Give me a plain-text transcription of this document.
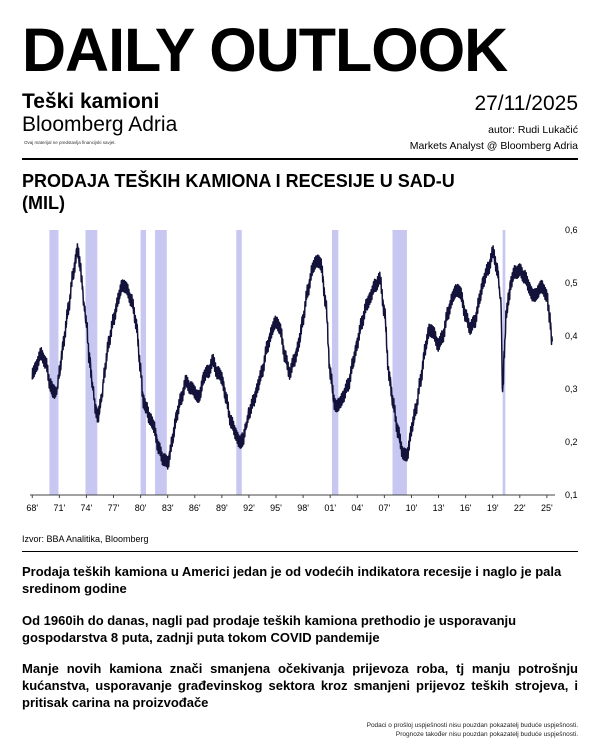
DAILY OUTLOOK
Teški kamioni
Bloomberg Adria
Ovaj materijal ne predstavlja financijski savjet.
27/11/2025
autor: Rudi Lukačić
Markets Analyst @ Bloomberg Adria
PRODAJA TEŠKIH KAMIONA I RECESIJE U SAD-U (MIL)
0,1
0,2
0,3
0,4
0,5
0,6
68' 71' 74' 77' 80' 83' 86' 89' 92' 95' 98' 01' 04' 07' 10' 13' 16' 19' 22' 25'
Izvor: BBA Analitika, Bloomberg
Prodaja teških kamiona u Americi jedan je od vodećih indikatora recesije i naglo je pala sredinom godine
Od 1960ih do danas, nagli pad prodaje teških kamiona prethodio je usporavanju gospodarstva 8 puta, zadnji puta tokom COVID pandemije
Manje novih kamiona znači smanjena očekivanja prijevoza roba, tj manju potrošnju kućanstva, usporavanje građevinskog sektora kroz smanjeni prijevoz teških strojeva, i pritisak carina na proizvođače
Podaci o prošloj uspješnosti nisu pouzdan pokazatelj buduće uspješnosti.
Prognoze također nisu pouzdan pokazatelj buduće uspješnosti.
